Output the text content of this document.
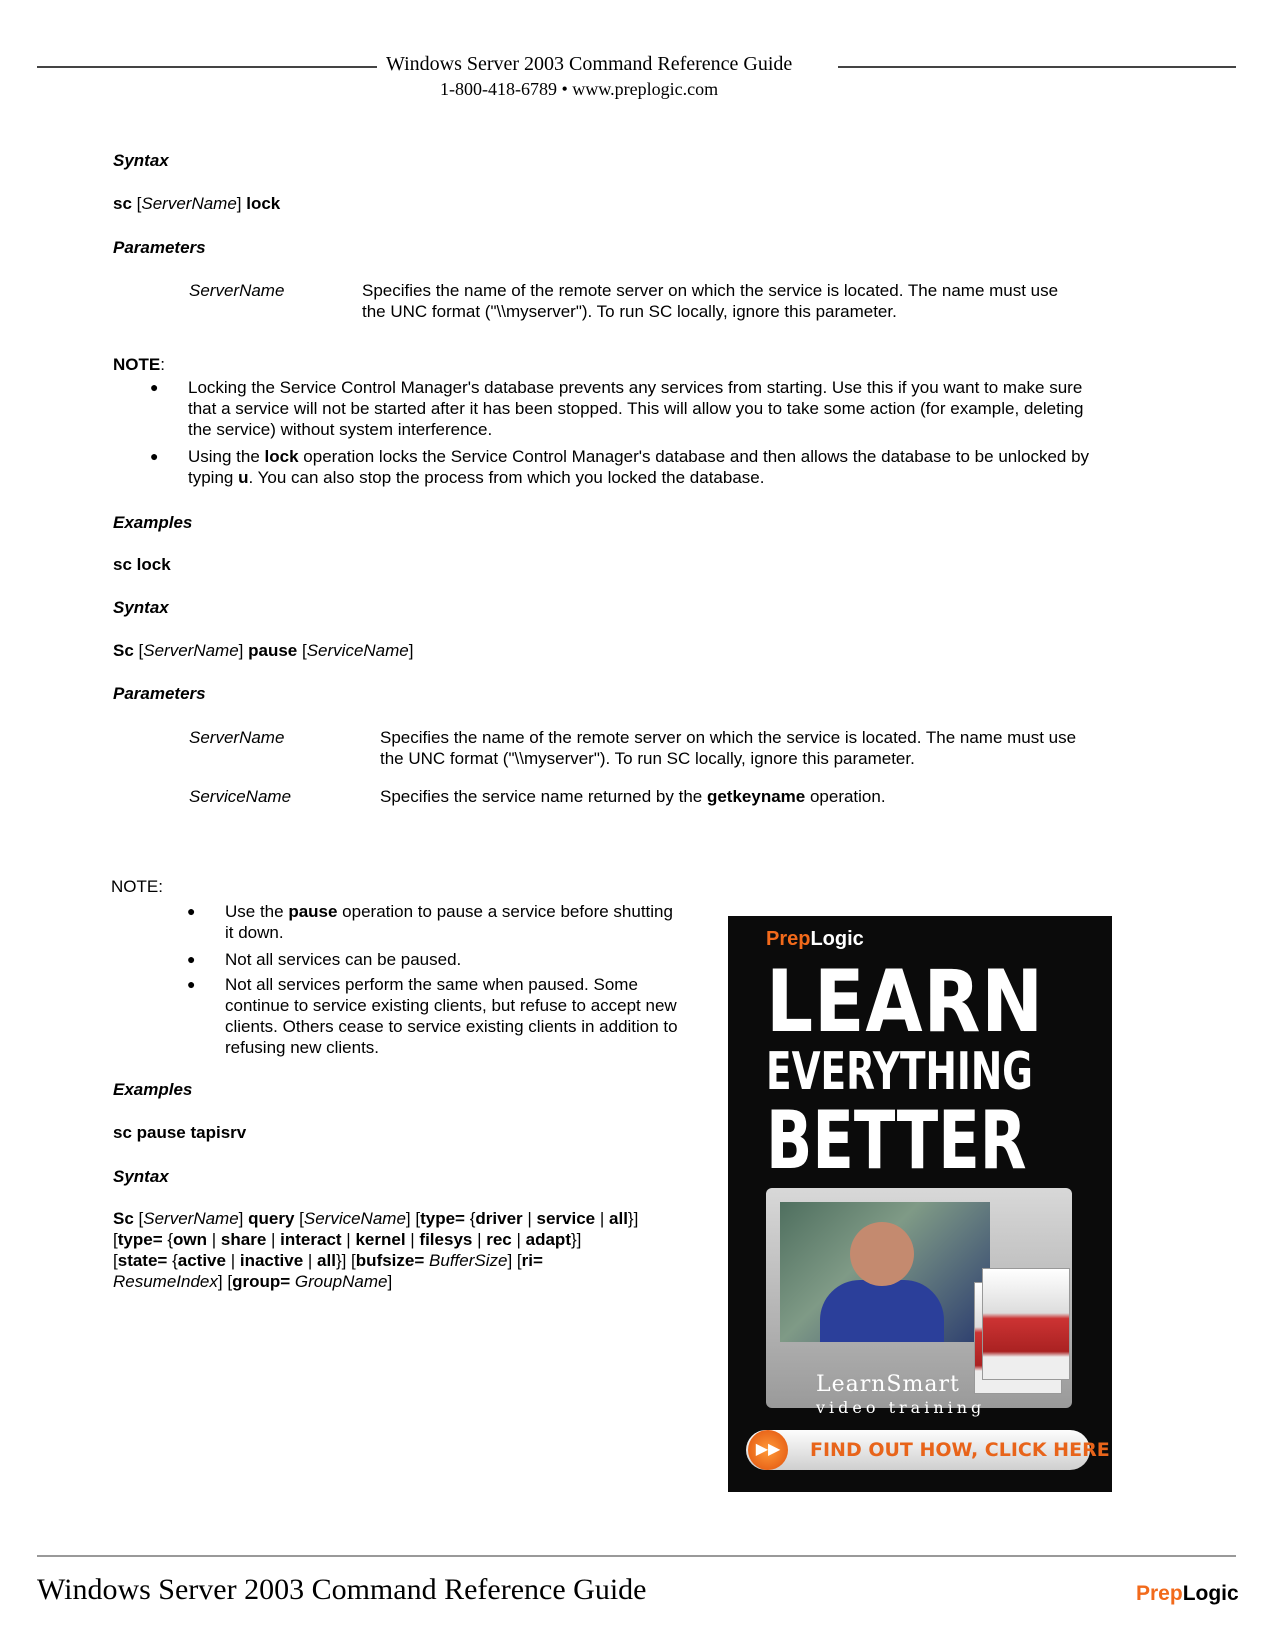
Windows Server 2003 Command Reference Guide
1-800-418-6789 • www.preplogic.com
Syntax
sc [ServerName] lock
Parameters
ServerName	Specifies the name of the remote server on which the service is located. The name must use the UNC format ("\\myserver"). To run SC locally, ignore this parameter.
NOTE:
● Locking the Service Control Manager's database prevents any services from starting. Use this if you want to make sure that a service will not be started after it has been stopped. This will allow you to take some action (for example, deleting the service) without system interference.
● Using the lock operation locks the Service Control Manager's database and then allows the database to be unlocked by typing u. You can also stop the process from which you locked the database.
Examples
sc lock
Syntax
Sc [ServerName] pause [ServiceName]
Parameters
ServerName	Specifies the name of the remote server on which the service is located. The name must use the UNC format ("\\myserver"). To run SC locally, ignore this parameter.
ServiceName	Specifies the service name returned by the getkeyname operation.
NOTE:
● Use the pause operation to pause a service before shutting it down.
● Not all services can be paused.
● Not all services perform the same when paused. Some continue to service existing clients, but refuse to accept new clients. Others cease to service existing clients in addition to refusing new clients.
Examples
sc pause tapisrv
Syntax
Sc [ServerName] query [ServiceName] [type= {driver | service | all}]
[type= {own | share | interact | kernel | filesys | rec | adapt}]
[state= {active | inactive | all}] [bufsize= BufferSize] [ri=
ResumeIndex] [group= GroupName]
PrepLogic
LEARN
EVERYTHING
BETTER
LearnSmart
video training
▶▶	FIND OUT HOW, CLICK HERE
Windows Server 2003 Command Reference Guide	PrepLogic
